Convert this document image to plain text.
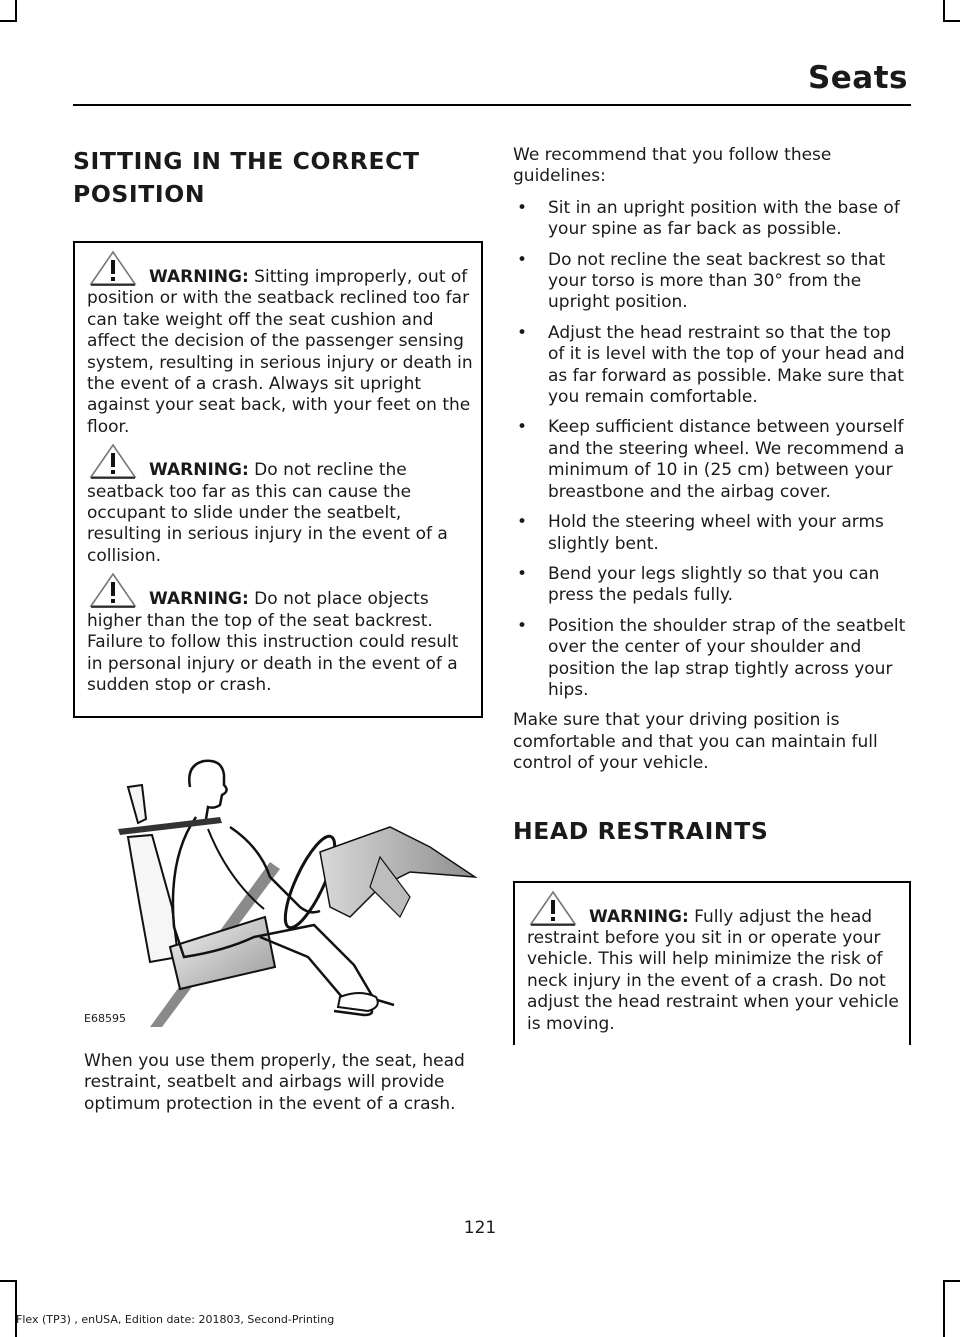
Seats
SITTING IN THE CORRECT
POSITION

WARNING: Sitting improperly, out of position or with the seatback reclined too far can take weight off the seat cushion and affect the decision of the passenger sensing system, resulting in serious injury or death in the event of a crash. Always sit upright against your seat back, with your feet on the floor.

WARNING: Do not recline the seatback too far as this can cause the occupant to slide under the seatbelt, resulting in serious injury in the event of a collision.

WARNING: Do not place objects higher than the top of the seat backrest. Failure to follow this instruction could result in personal injury or death in the event of a sudden stop or crash.

E68595

When you use them properly, the seat, head restraint, seatbelt and airbags will provide optimum protection in the event of a crash.

We recommend that you follow these guidelines:

• Sit in an upright position with the base of your spine as far back as possible.
• Do not recline the seat backrest so that your torso is more than 30° from the upright position.
• Adjust the head restraint so that the top of it is level with the top of your head and as far forward as possible. Make sure that you remain comfortable.
• Keep sufficient distance between yourself and the steering wheel. We recommend a minimum of 10 in (25 cm) between your breastbone and the airbag cover.
• Hold the steering wheel with your arms slightly bent.
• Bend your legs slightly so that you can press the pedals fully.
• Position the shoulder strap of the seatbelt over the center of your shoulder and position the lap strap tightly across your hips.

Make sure that your driving position is comfortable and that you can maintain full control of your vehicle.

HEAD RESTRAINTS

WARNING: Fully adjust the head restraint before you sit in or operate your vehicle. This will help minimize the risk of neck injury in the event of a crash. Do not adjust the head restraint when your vehicle is moving.

121
Flex (TP3) , enUSA, Edition date: 201803, Second-Printing
